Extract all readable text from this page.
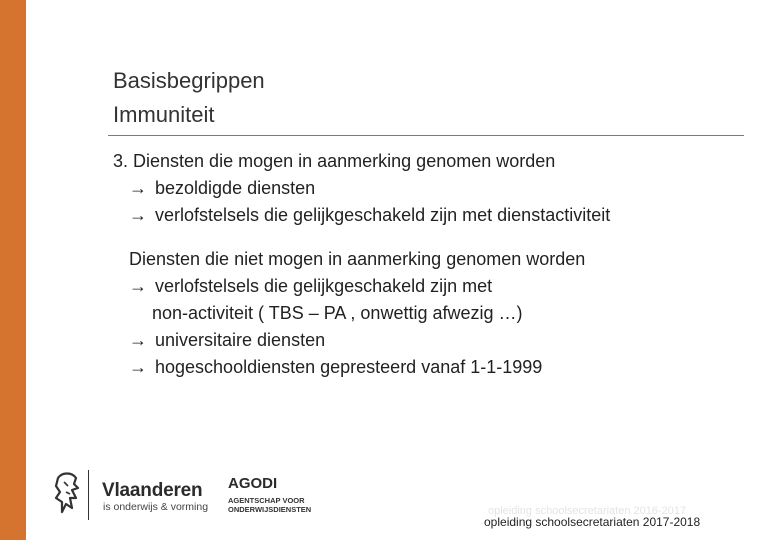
Basisbegrippen
Immuniteit
3. Diensten die mogen in aanmerking genomen worden
→ bezoldigde diensten
→ verlofstelsels die gelijkgeschakeld zijn met dienstactiviteit
Diensten die niet mogen in aanmerking genomen worden
→ verlofstelsels die gelijkgeschakeld zijn met
non-activiteit ( TBS – PA , onwettig afwezig …)
→ universitaire diensten
→ hogeschooldiensten gepresteerd vanaf 1-1-1999
Vlaanderen
is onderwijs & vorming
AGODI
AGENTSCHAP VOOR ONDERWIJSDIENSTEN	opleiding schoolsecretariaten 2016-2017
opleiding schoolsecretariaten 2017-2018
